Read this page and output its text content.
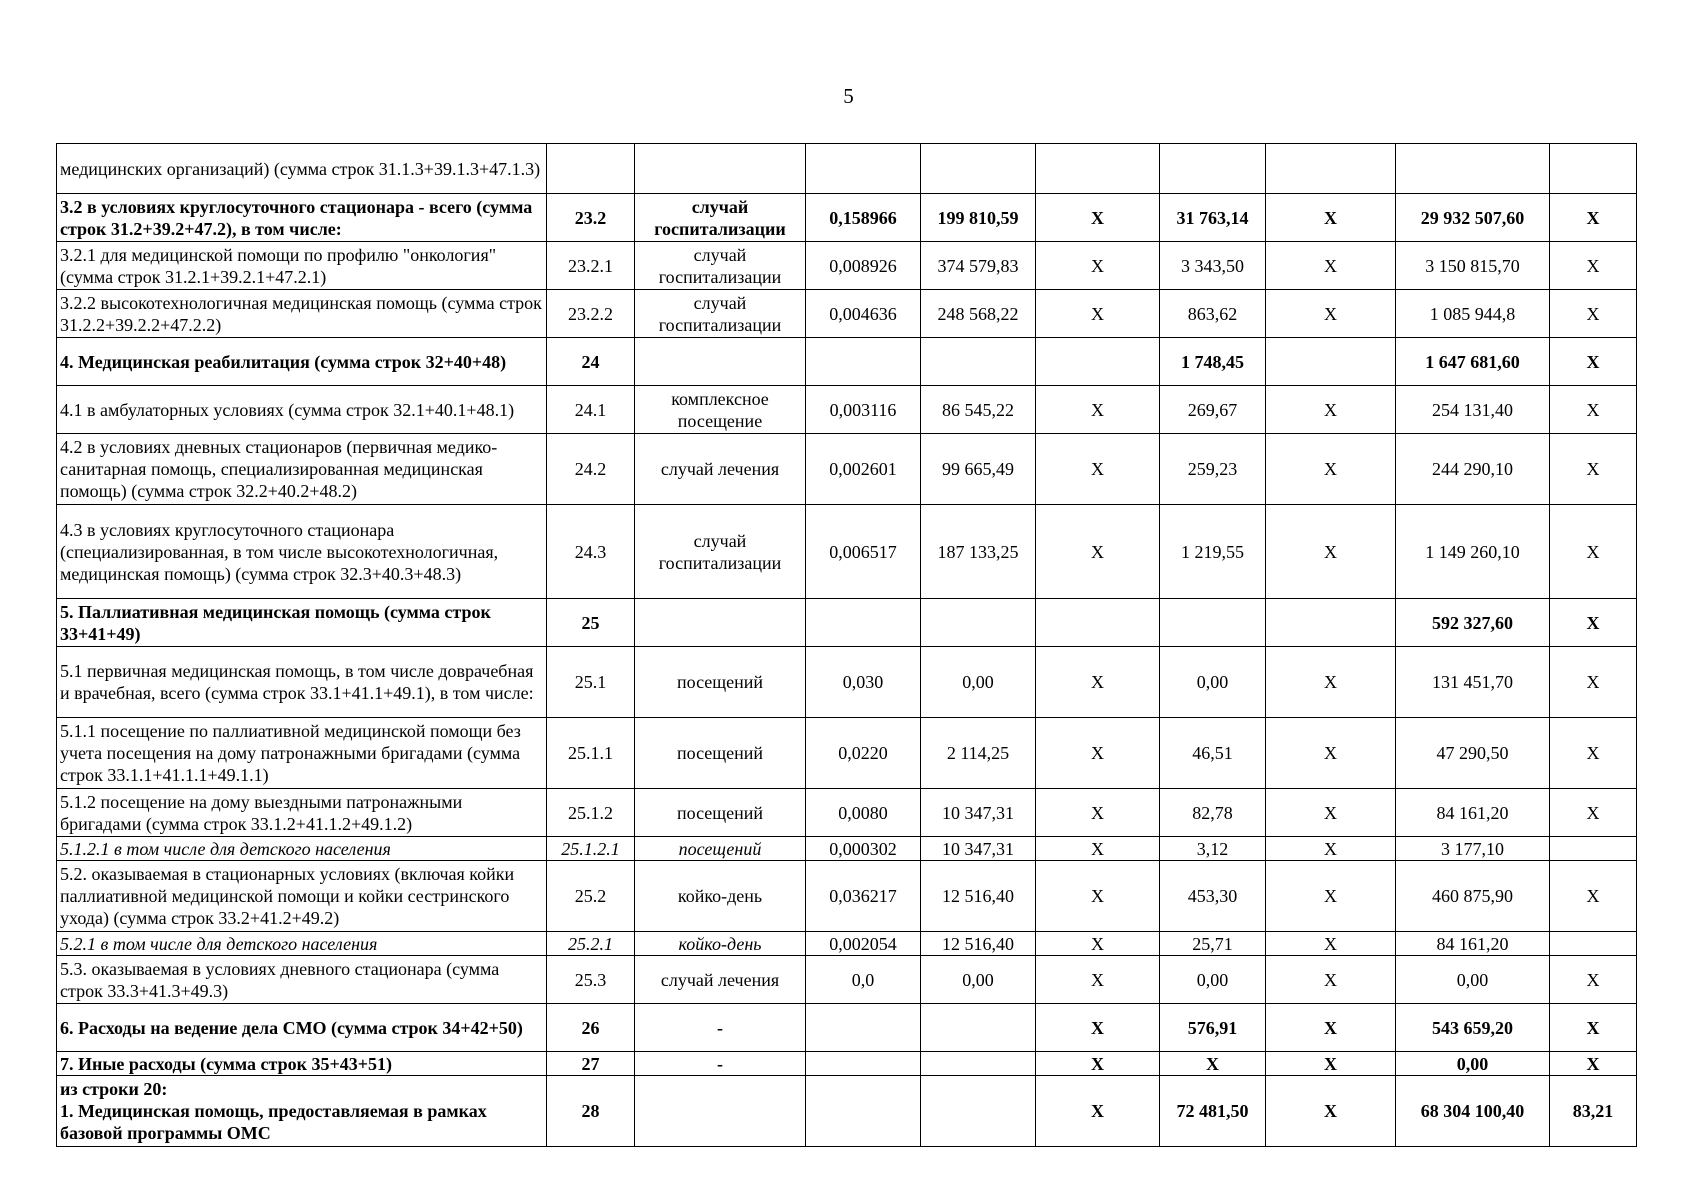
5
медицинских организаций) (сумма строк 31.1.3+39.1.3+47.1.3)									
3.2 в условиях круглосуточного стационара - всего (сумма строк 31.2+39.2+47.2), в том числе:	23.2	случай госпитализации	0,158966	199 810,59	X	31 763,14	X	29 932 507,60	X
3.2.1 для медицинской помощи по профилю "онкология" (сумма строк 31.2.1+39.2.1+47.2.1)	23.2.1	случай госпитализации	0,008926	374 579,83	X	3 343,50	X	3 150 815,70	X
3.2.2 высокотехнологичная медицинская помощь (сумма строк 31.2.2+39.2.2+47.2.2)	23.2.2	случай госпитализации	0,004636	248 568,22	X	863,62	X	1 085 944,8	X
4. Медицинская реабилитация (сумма строк 32+40+48)	24					1 748,45		1 647 681,60	X
4.1 в амбулаторных условиях (сумма строк 32.1+40.1+48.1)	24.1	комплексное посещение	0,003116	86 545,22	X	269,67	X	254 131,40	X
4.2 в условиях дневных стационаров (первичная медико-санитарная помощь, специализированная медицинская помощь) (сумма строк 32.2+40.2+48.2)	24.2	случай лечения	0,002601	99 665,49	X	259,23	X	244 290,10	X
4.3 в условиях круглосуточного стационара (специализированная, в том числе высокотехнологичная, медицинская помощь) (сумма строк 32.3+40.3+48.3)	24.3	случай госпитализации	0,006517	187 133,25	X	1 219,55	X	1 149 260,10	X
5. Паллиативная медицинская помощь (сумма строк 33+41+49)	25							592 327,60	X
5.1 первичная медицинская помощь, в том числе доврачебная и врачебная, всего (сумма строк 33.1+41.1+49.1), в том числе:	25.1	посещений	0,030	0,00	X	0,00	X	131 451,70	X
5.1.1 посещение по паллиативной медицинской помощи без учета посещения на дому патронажными бригадами (сумма строк 33.1.1+41.1.1+49.1.1)	25.1.1	посещений	0,0220	2 114,25	X	46,51	X	47 290,50	X
5.1.2 посещение на дому выездными патронажными бригадами (сумма строк 33.1.2+41.1.2+49.1.2)	25.1.2	посещений	0,0080	10 347,31	X	82,78	X	84 161,20	X
5.1.2.1 в том числе для детского населения	25.1.2.1	посещений	0,000302	10 347,31	X	3,12	X	3 177,10	
5.2. оказываемая в стационарных условиях (включая койки паллиативной медицинской помощи и койки сестринского ухода) (сумма строк 33.2+41.2+49.2)	25.2	койко-день	0,036217	12 516,40	X	453,30	X	460 875,90	X
5.2.1 в том числе для детского населения	25.2.1	койко-день	0,002054	12 516,40	X	25,71	X	84 161,20	
5.3. оказываемая в условиях дневного стационара (сумма строк 33.3+41.3+49.3)	25.3	случай лечения	0,0	0,00	X	0,00	X	0,00	X
6. Расходы на ведение дела СМО (сумма строк 34+42+50)	26	-			X	576,91	X	543 659,20	X
7. Иные расходы (сумма строк 35+43+51)	27	-			X	X	X	0,00	X
из строки 20:
1. Медицинская помощь, предоставляемая в рамках базовой программы ОМС	28				X	72 481,50	X	68 304 100,40	83,21
